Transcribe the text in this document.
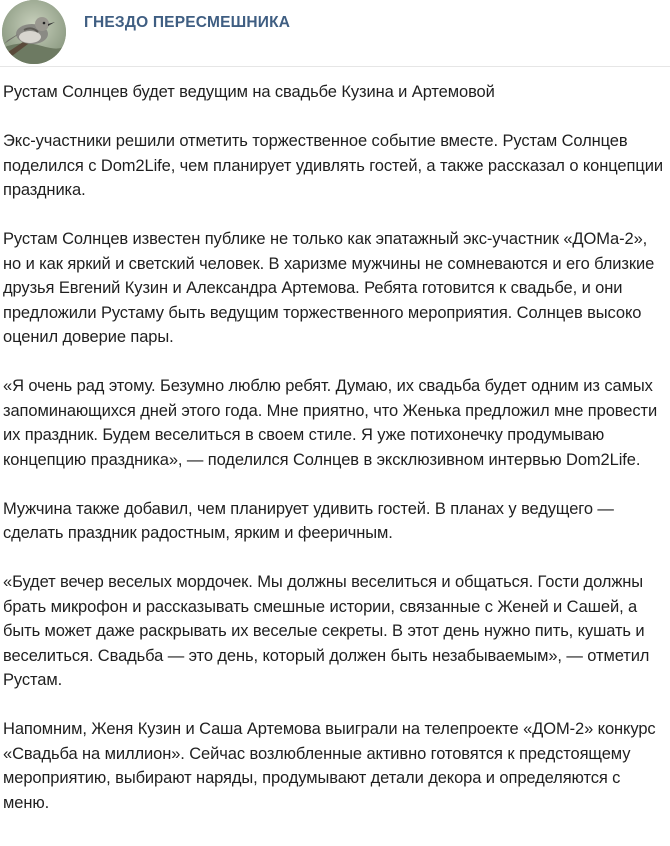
ГНЕЗДО ПЕРЕСМЕШНИКА

Рустам Солнцев будет ведущим на свадьбе Кузина и Артемовой

Экс-участники решили отметить торжественное событие вместе. Рустам Солнцев поделился с Dom2Life, чем планирует удивлять гостей, а также рассказал о концепции праздника.

Рустам Солнцев известен публике не только как эпатажный экс-участник «ДОМа-2», но и как яркий и светский человек. В харизме мужчины не сомневаются и его близкие друзья Евгений Кузин и Александра Артемова. Ребята готовится к свадьбе, и они предложили Рустаму быть ведущим торжественного мероприятия. Солнцев высоко оценил доверие пары.

«Я очень рад этому. Безумно люблю ребят. Думаю, их свадьба будет одним из самых запоминающихся дней этого года. Мне приятно, что Женька предложил мне провести их праздник. Будем веселиться в своем стиле. Я уже потихонечку продумываю концепцию праздника», — поделился Солнцев в эксклюзивном интервью Dom2Life.

Мужчина также добавил, чем планирует удивить гостей. В планах у ведущего — сделать праздник радостным, ярким и фееричным.

«Будет вечер веселых мордочек. Мы должны веселиться и общаться. Гости должны брать микрофон и рассказывать смешные истории, связанные с Женей и Сашей, а быть может даже раскрывать их веселые секреты. В этот день нужно пить, кушать и веселиться. Свадьба — это день, который должен быть незабываемым», — отметил Рустам.

Напомним, Женя Кузин и Саша Артемова выиграли на телепроекте «ДОМ-2» конкурс «Свадьба на миллион». Сейчас возлюбленные активно готовятся к предстоящему мероприятию, выбирают наряды, продумывают детали декора и определяются с меню.
